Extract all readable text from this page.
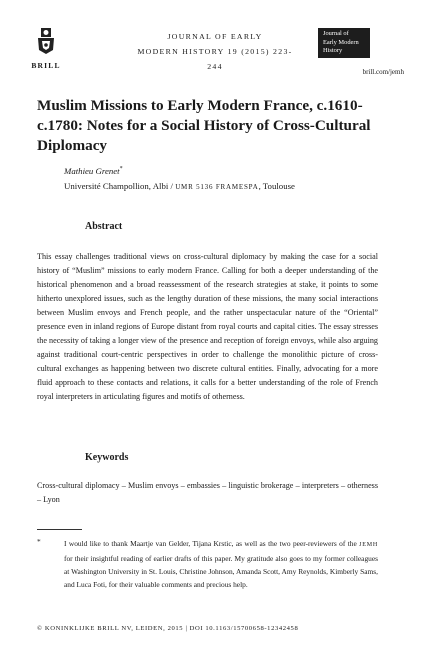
BRILL
JOURNAL OF EARLY
MODERN HISTORY 19 (2015) 223-244
Journal of
Early Modern
History
brill.com/jemh
Muslim Missions to Early Modern France, c.1610-c.1780: Notes for a Social History of Cross-Cultural Diplomacy
Mathieu Grenet*
Université Champollion, Albi / UMR 5136 FRAMESPA, Toulouse
Abstract
This essay challenges traditional views on cross-cultural diplomacy by making the case for a social history of “Muslim” missions to early modern France. Calling for both a deeper understanding of the historical phenomenon and a broad reassessment of the research strategies at stake, it points to some hitherto unexplored issues, such as the lengthy duration of these missions, the many social interactions between Muslim envoys and French people, and the rather unspectacular nature of the “Oriental” presence even in inland regions of Europe distant from royal courts and capital cities. The essay stresses the necessity of taking a longer view of the presence and reception of foreign envoys, while also arguing against traditional court-centric perspectives in order to challenge the monolithic picture of cross-cultural exchanges as happening between two discrete cultural entities. Finally, advocating for a more fluid approach to these contacts and relations, it calls for a better understanding of the role of French royal interpreters in articulating figures and motifs of otherness.
Keywords
Cross-cultural diplomacy – Muslim envoys – embassies – linguistic brokerage – interpreters – otherness – Lyon
*	I would like to thank Maartje van Gelder, Tijana Krstic, as well as the two peer-reviewers of the JEMH for their insightful reading of earlier drafts of this paper. My gratitude also goes to my former colleagues at Washington University in St. Louis, Christine Johnson, Amanda Scott, Amy Reynolds, Kimberly Sams, and Luca Foti, for their valuable comments and precious help.
© KONINKLIJKE BRILL NV, LEIDEN, 2015 | DOI 10.1163/15700658-12342458
